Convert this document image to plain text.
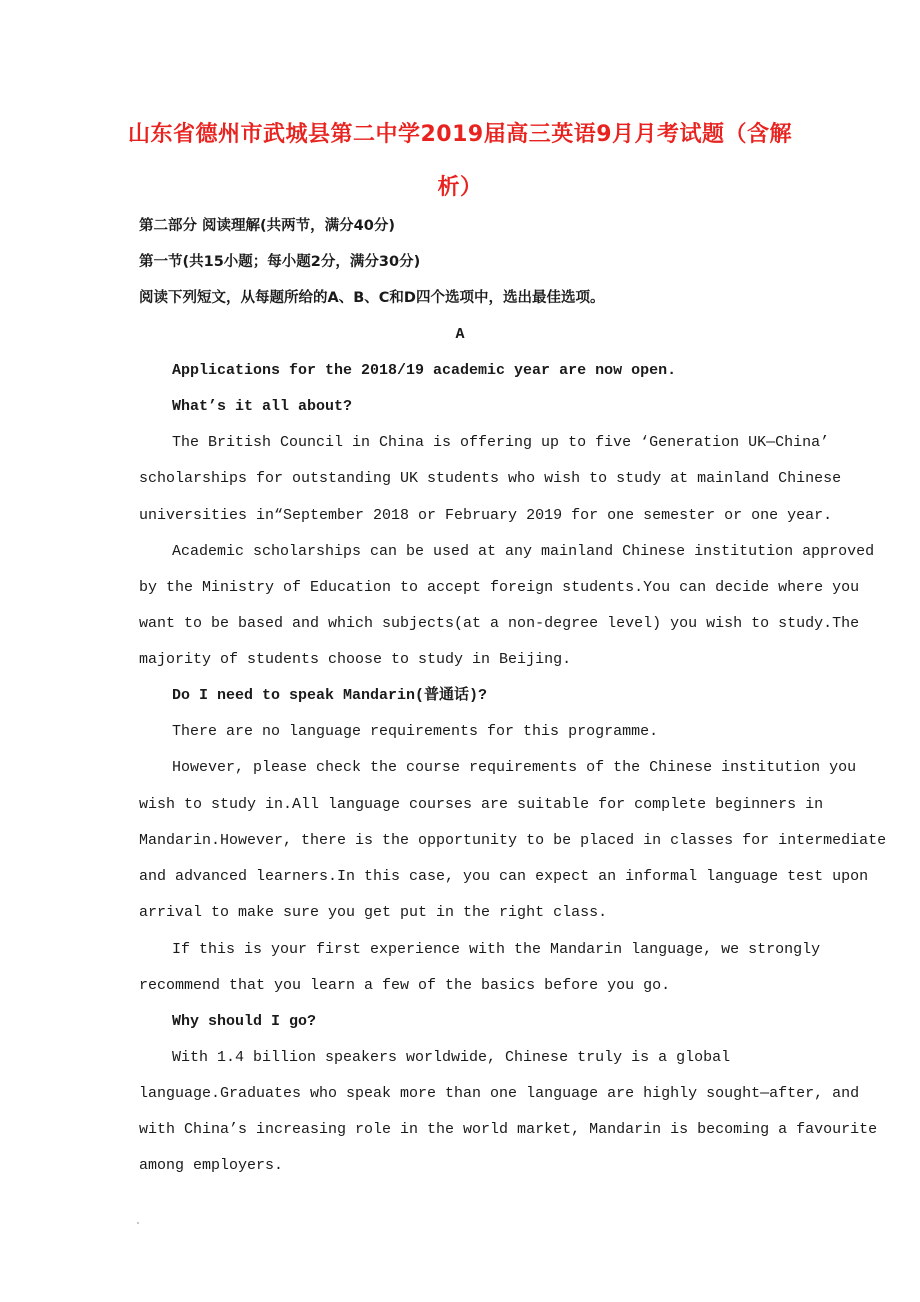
山东省德州市武城县第二中学2019届高三英语9月月考试题（含解析）
第二部分 阅读理解(共两节，满分40分)
第一节(共15小题；每小题2分，满分30分)
阅读下列短文，从每题所给的A、B、C和D四个选项中，选出最佳选项。
A
Applications for the 2018/19 academic year are now open.
What’s it all about?
The British Council in China is offering up to five ‘Generation UK—China’
scholarships for outstanding UK students who wish to study at mainland Chinese
universities in“September 2018 or February 2019 for one semester or one year.
Academic scholarships can be used at any mainland Chinese institution approved
by the Ministry of Education to accept foreign students.You can decide where you
want to be based and which subjects(at a non-degree level) you wish to study.The
majority of students choose to study in Beijing.
Do I need to speak Mandarin(普通话)?
There are no language requirements for this programme.
However, please check the course requirements of the Chinese institution you
wish to study in.All language courses are suitable for complete beginners in
Mandarin.However, there is the opportunity to be placed in classes for intermediate
and advanced learners.In this case, you can expect an informal language test upon
arrival to make sure you get put in the right class.
If this is your first experience with the Mandarin language, we strongly
recommend that you learn a few of the basics before you go.
Why should I go?
With 1.4 billion speakers worldwide, Chinese truly is a global
language.Graduates who speak more than one language are highly sought—after, and
with China’s increasing role in the world market, Mandarin is becoming a favourite
among employers.
